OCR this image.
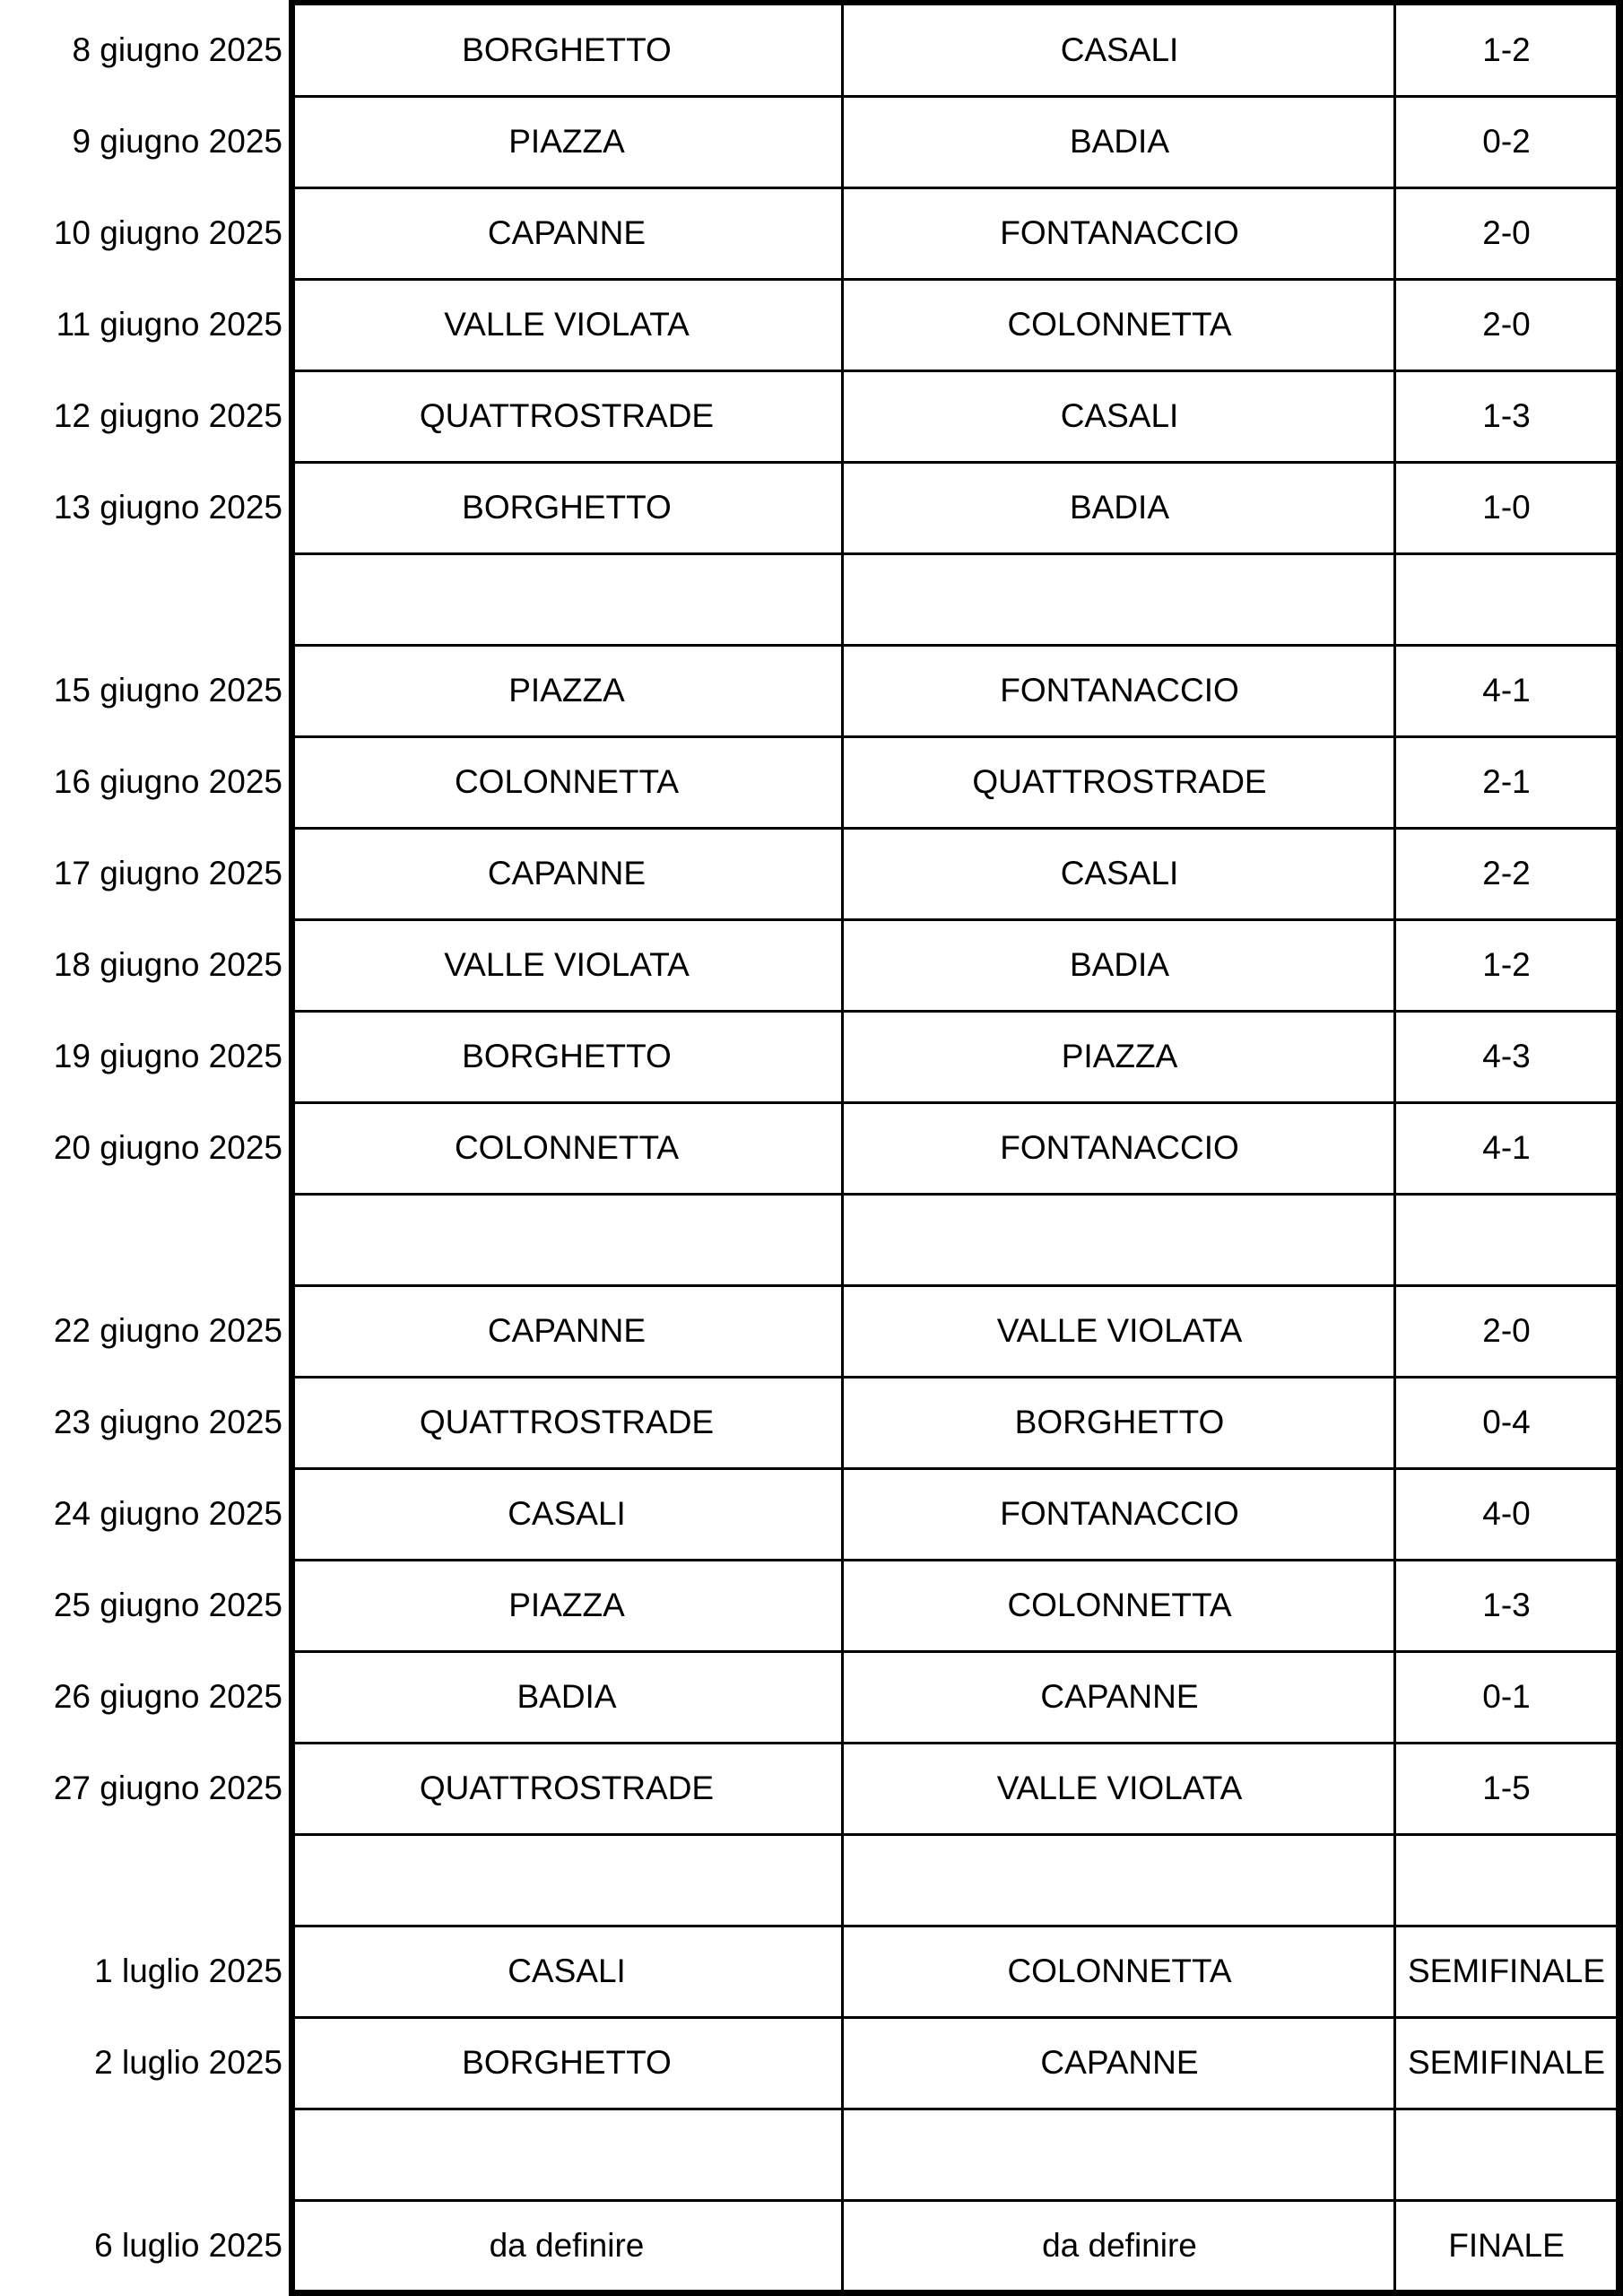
8 giugno 2025	BORGHETTO	CASALI	1-2
9 giugno 2025	PIAZZA	BADIA	0-2
10 giugno 2025	CAPANNE	FONTANACCIO	2-0
11 giugno 2025	VALLE VIOLATA	COLONNETTA	2-0
12 giugno 2025	QUATTROSTRADE	CASALI	1-3
13 giugno 2025	BORGHETTO	BADIA	1-0
15 giugno 2025	PIAZZA	FONTANACCIO	4-1
16 giugno 2025	COLONNETTA	QUATTROSTRADE	2-1
17 giugno 2025	CAPANNE	CASALI	2-2
18 giugno 2025	VALLE VIOLATA	BADIA	1-2
19 giugno 2025	BORGHETTO	PIAZZA	4-3
20 giugno 2025	COLONNETTA	FONTANACCIO	4-1
22 giugno 2025	CAPANNE	VALLE VIOLATA	2-0
23 giugno 2025	QUATTROSTRADE	BORGHETTO	0-4
24 giugno 2025	CASALI	FONTANACCIO	4-0
25 giugno 2025	PIAZZA	COLONNETTA	1-3
26 giugno 2025	BADIA	CAPANNE	0-1
27 giugno 2025	QUATTROSTRADE	VALLE VIOLATA	1-5
1 luglio 2025	CASALI	COLONNETTA	SEMIFINALE
2 luglio 2025	BORGHETTO	CAPANNE	SEMIFINALE
6 luglio 2025	da definire	da definire	FINALE
